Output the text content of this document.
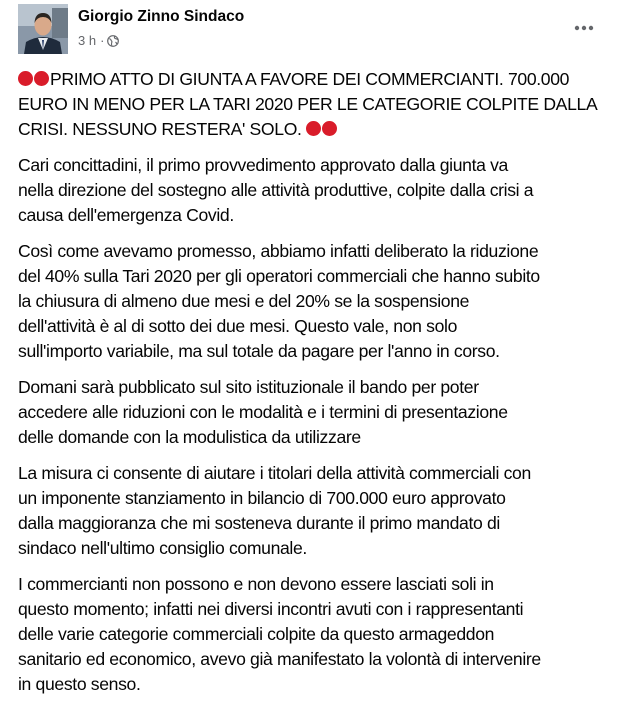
Giorgio Zinno Sindaco
3 h ·

PRIMO ATTO DI GIUNTA A FAVORE DEI COMMERCIANTI. 700.000
EURO IN MENO PER LA TARI 2020 PER LE CATEGORIE COLPITE DALLA
CRISI. NESSUNO RESTERA' SOLO.

Cari concittadini, il primo provvedimento approvato dalla giunta va
nella direzione del sostegno alle attività produttive, colpite dalla crisi a
causa dell'emergenza Covid.

Così come avevamo promesso, abbiamo infatti deliberato la riduzione
del 40% sulla Tari 2020 per gli operatori commerciali che hanno subito
la chiusura di almeno due mesi e del 20% se la sospensione
dell'attività è al di sotto dei due mesi. Questo vale, non solo
sull'importo variabile, ma sul totale da pagare per l'anno in corso.

Domani sarà pubblicato sul sito istituzionale il bando per poter
accedere alle riduzioni con le modalità e i termini di presentazione
delle domande con la modulistica da utilizzare

La misura ci consente di aiutare i titolari della attività commerciali con
un imponente stanziamento in bilancio di 700.000 euro approvato
dalla maggioranza che mi sosteneva durante il primo mandato di
sindaco nell'ultimo consiglio comunale.

I commercianti non possono e non devono essere lasciati soli in
questo momento; infatti nei diversi incontri avuti con i rappresentanti
delle varie categorie commerciali colpite da questo armageddon
sanitario ed economico, avevo già manifestato la volontà di intervenire
in questo senso.
